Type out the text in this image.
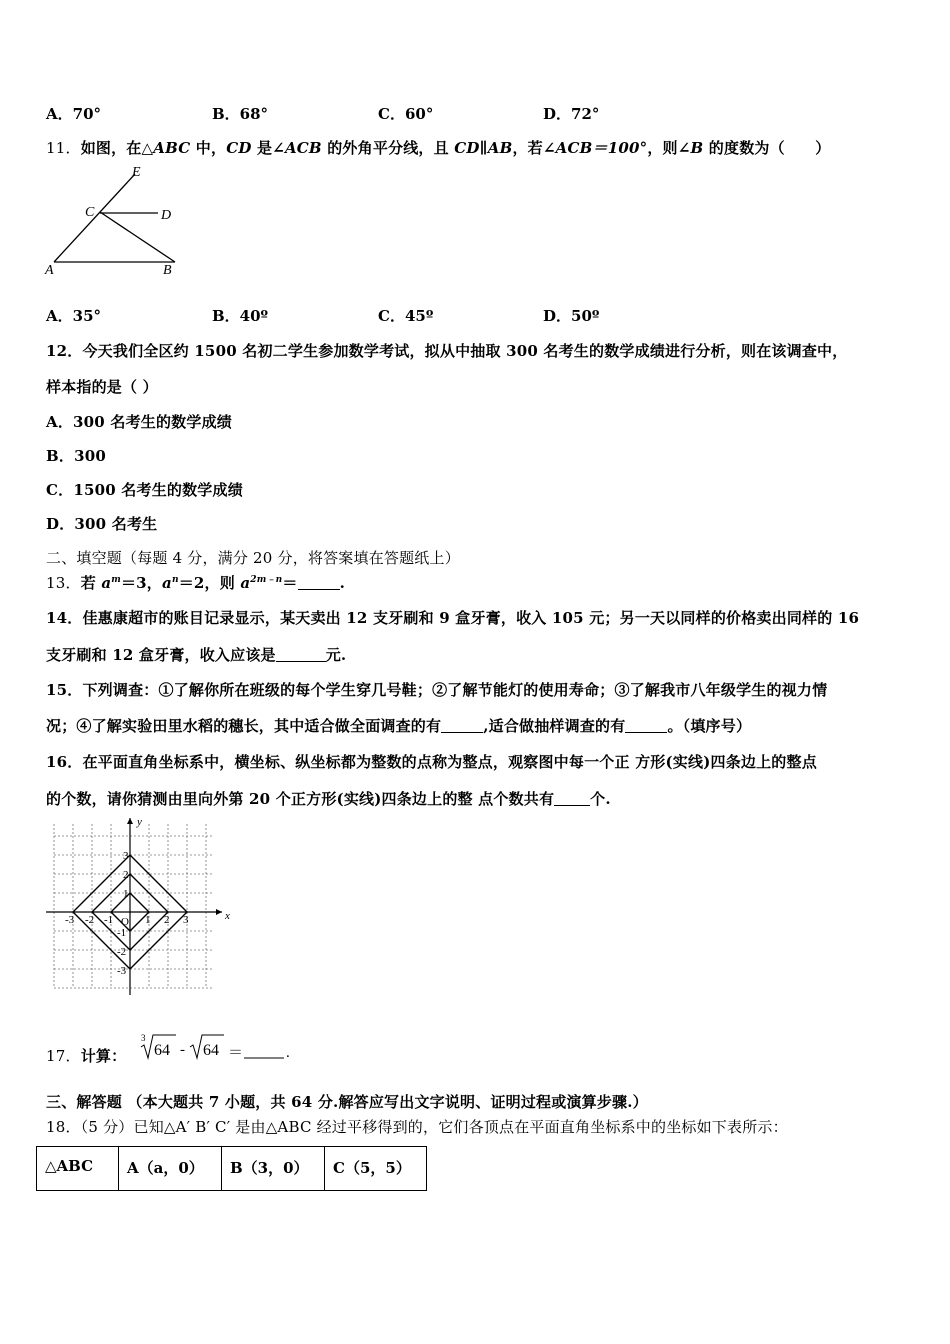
A．70°	B．68°	C．60°	D．72°
11．如图，在△ABC 中，CD 是∠ACB 的外角平分线，且 CD∥AB，若∠ACB＝100°，则∠B 的度数为（　　）
E
C	D
A	B
A．35°	B．40º	C．45º	D．50º
12．今天我们全区约 1500 名初二学生参加数学考试，拟从中抽取 300 名考生的数学成绩进行分析，则在该调查中，
样本指的是（ ）
A．300 名考生的数学成绩
B．300
C．1500 名考生的数学成绩
D．300 名考生
二、填空题（每题 4 分，满分 20 分，将答案填在答题纸上）
13．若 $a^m=3$，$a^n=2$，则 $a^{2m﹣n}=$	.
14．佳惠康超市的账目记录显示，某天卖出 12 支牙刷和 9 盒牙膏，收入 105 元；另一天以同样的价格卖出同样的 16
支牙刷和 12 盒牙膏，收入应该是	元.
15．下列调查：①了解你所在班级的每个学生穿几号鞋；②了解节能灯的使用寿命；③了解我市八年级学生的视力情
况；④了解实验田里水稻的穗长，其中适合做全面调查的有	,适合做抽样调查的有	。（填序号）
16．在平面直角坐标系中，横坐标、纵坐标都为整数的点称为整点，观察图中每一个正 方形(实线)四条边上的整点
的个数，请你猜测由里向外第 20 个正方形(实线)四条边上的整 点个数共有 个.
x
y
O
-3 -2 -1	1 2 3
3
2
1
-1
-2
-3
17．计算：
3
64 - 64 ＝	.
三、解答题 （本大题共 7 小题，共 64 分.解答应写出文字说明、证明过程或演算步骤.）
18．（5 分）已知△A′ B′ C′ 是由△ABC 经过平移得到的，它们各顶点在平面直角坐标系中的坐标如下表所示：
△ABC	A（a，0）	B（3，0）	C（5，5）
